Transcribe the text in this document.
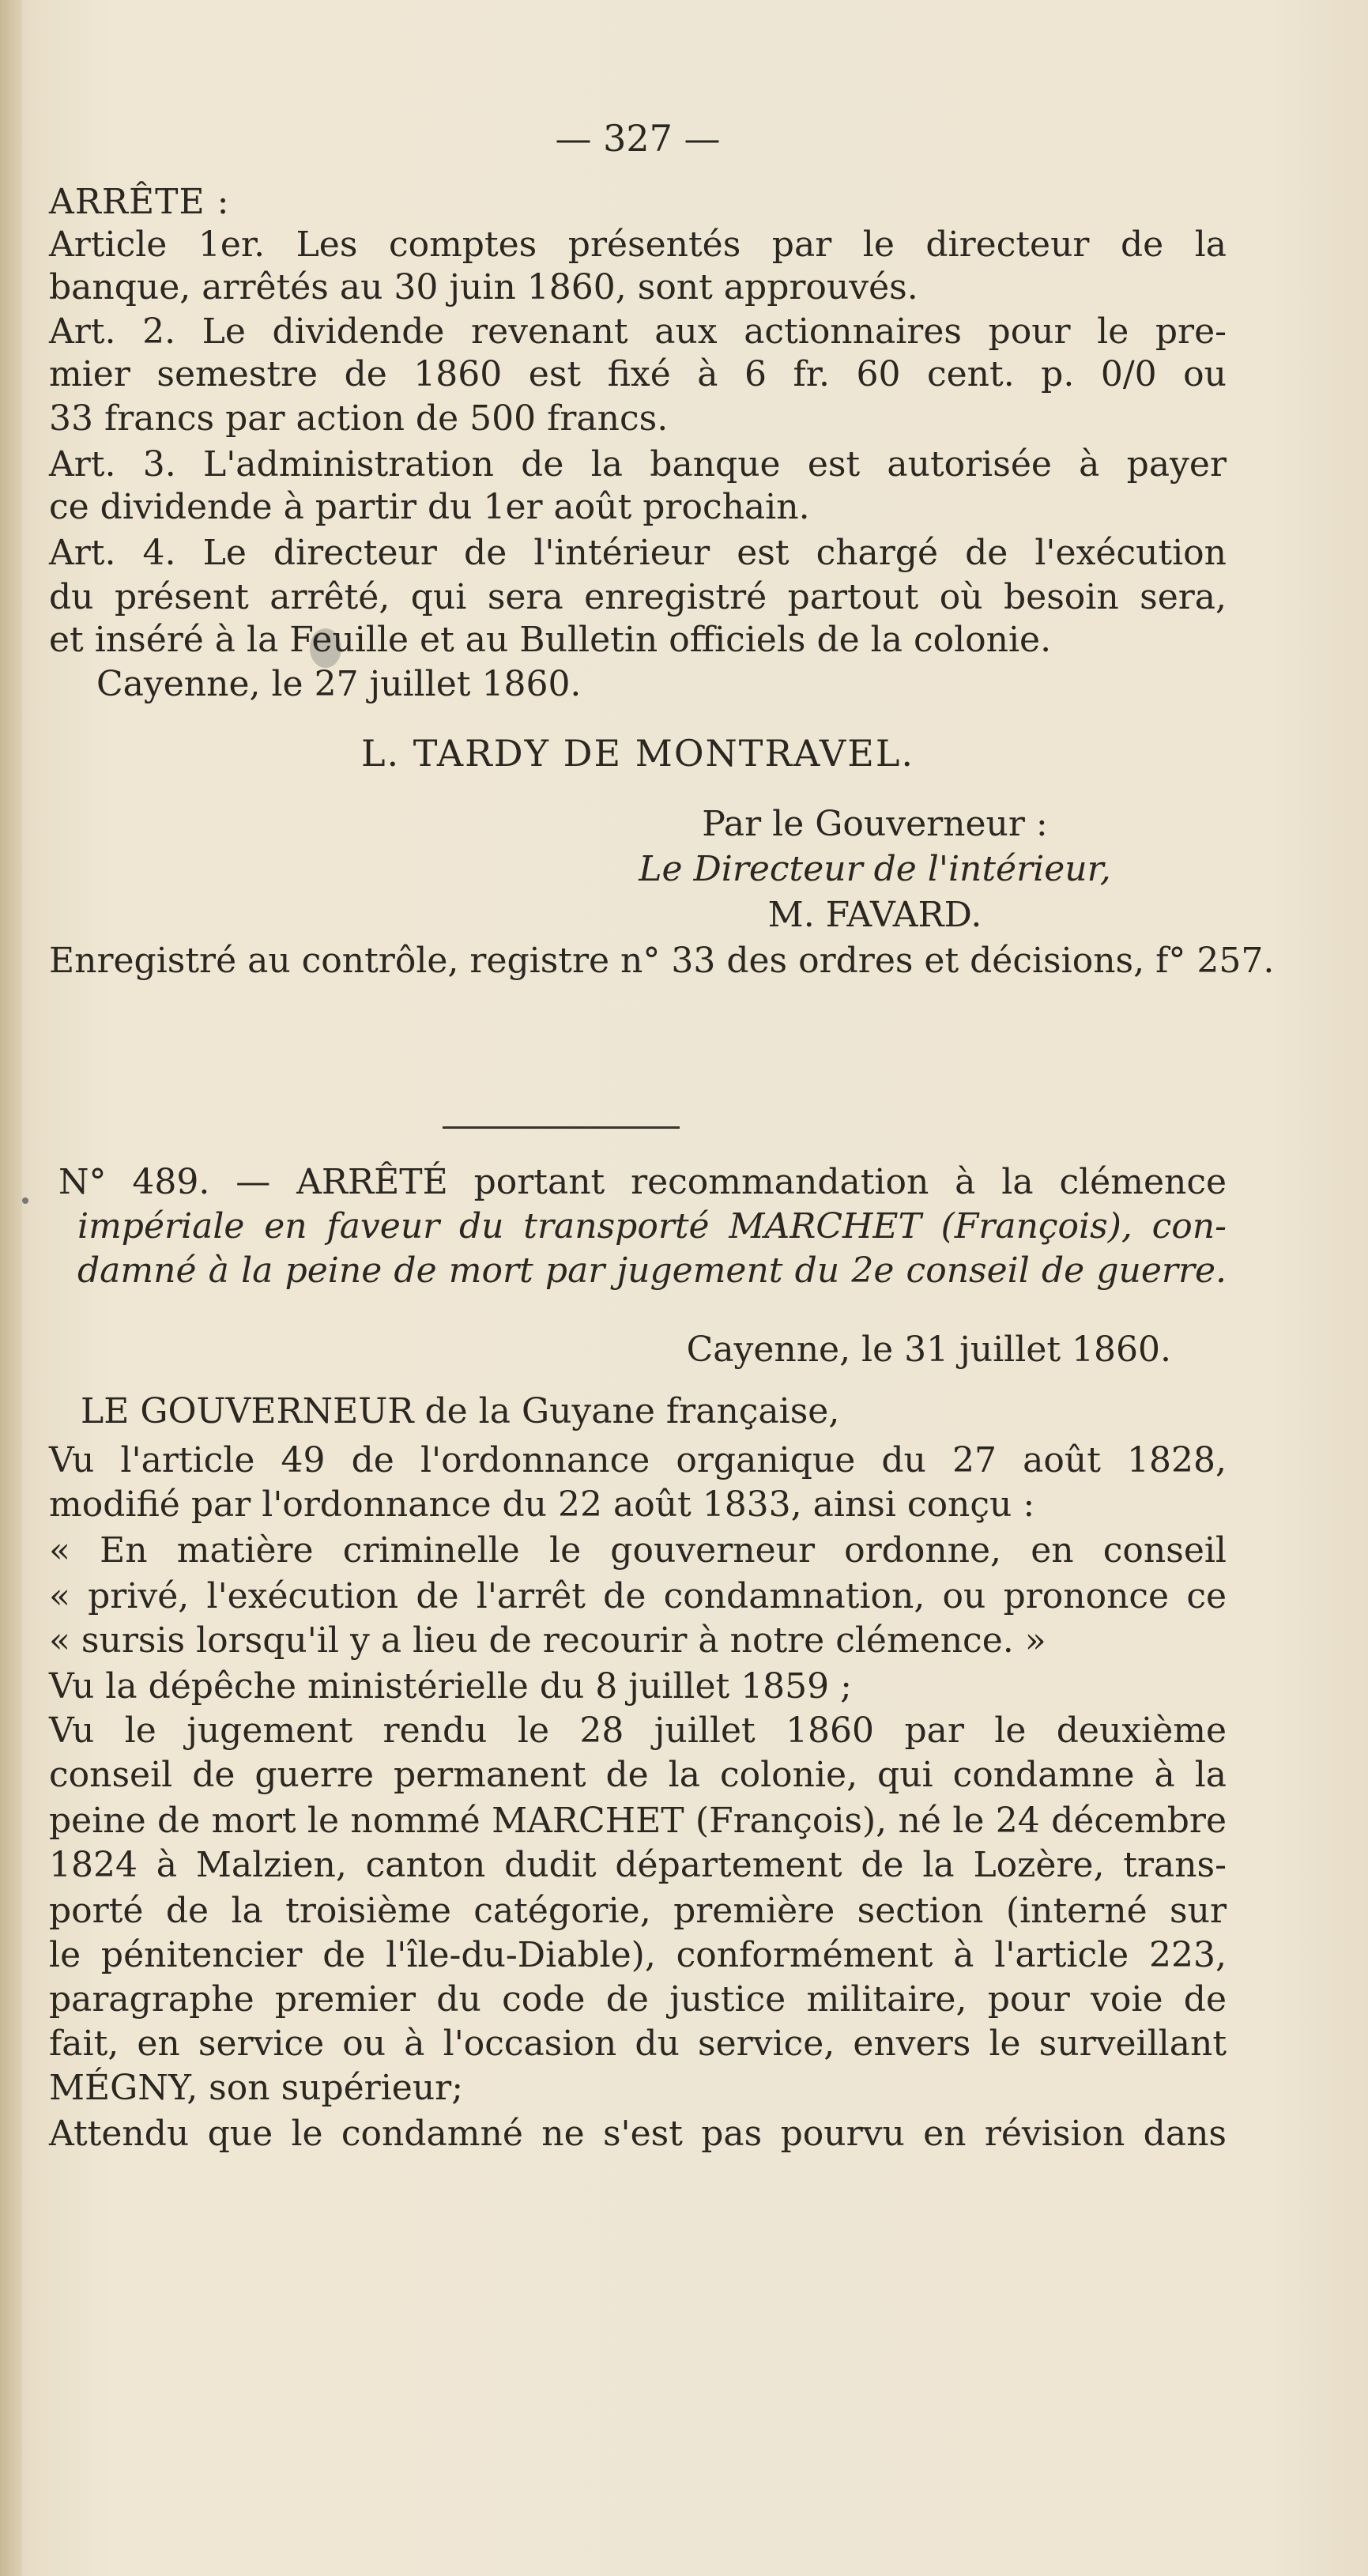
— 327 —
ARRÊTE :
Article 1er. Les comptes présentés par le directeur de la
banque, arrêtés au 30 juin 1860, sont approuvés.
Art. 2. Le dividende revenant aux actionnaires pour le pre-
mier semestre de 1860 est fixé à 6 fr. 60 cent. p. 0/0 ou
33 francs par action de 500 francs.
Art. 3. L'administration de la banque est autorisée à payer
ce dividende à partir du 1er août prochain.
Art. 4. Le directeur de l'intérieur est chargé de l'exécution
du présent arrêté, qui sera enregistré partout où besoin sera,
et inséré à la Feuille et au Bulletin officiels de la colonie.
Cayenne, le 27 juillet 1860.
L. TARDY DE MONTRAVEL.
Par le Gouverneur :
Le Directeur de l'intérieur,
M. FAVARD.
Enregistré au contrôle, registre n° 33 des ordres et décisions, f° 257.
N° 489. — ARRÊTÉ portant recommandation à la clémence
impériale en faveur du transporté MARCHET (François), con-
damné à la peine de mort par jugement du 2e conseil de guerre.
Cayenne, le 31 juillet 1860.
LE GOUVERNEUR de la Guyane française,
Vu l'article 49 de l'ordonnance organique du 27 août 1828,
modifié par l'ordonnance du 22 août 1833, ainsi conçu :
« En matière criminelle le gouverneur ordonne, en conseil
« privé, l'exécution de l'arrêt de condamnation, ou prononce ce
« sursis lorsqu'il y a lieu de recourir à notre clémence. »
Vu la dépêche ministérielle du 8 juillet 1859 ;
Vu le jugement rendu le 28 juillet 1860 par le deuxième
conseil de guerre permanent de la colonie, qui condamne à la
peine de mort le nommé MARCHET (François), né le 24 décembre
1824 à Malzien, canton dudit département de la Lozère, trans-
porté de la troisième catégorie, première section (interné sur
le pénitencier de l'île-du-Diable), conformément à l'article 223,
paragraphe premier du code de justice militaire, pour voie de
fait, en service ou à l'occasion du service, envers le surveillant
MÉGNY, son supérieur;
Attendu que le condamné ne s'est pas pourvu en révision dans
